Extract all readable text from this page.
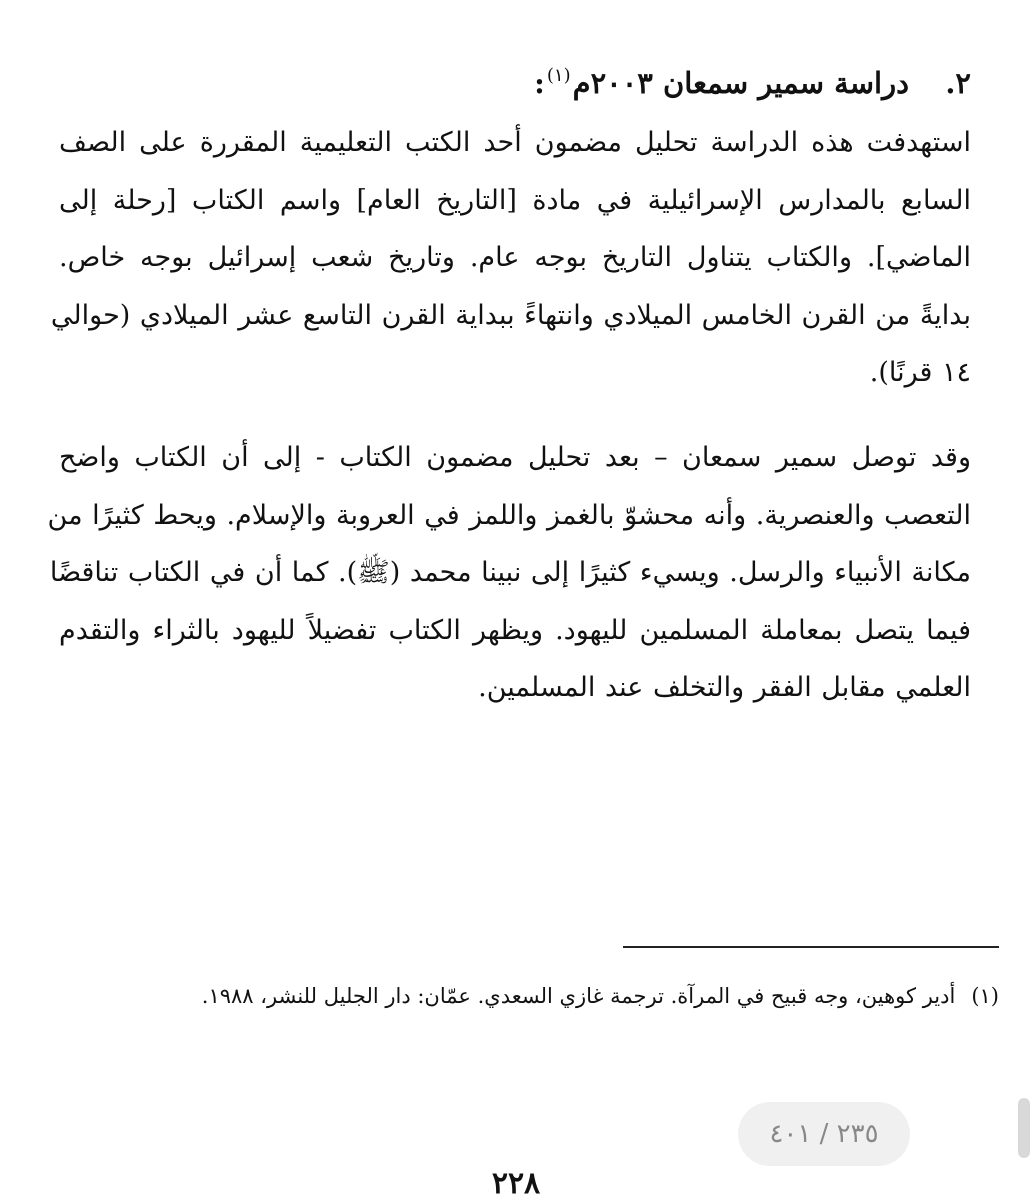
٢.دراسة سمير سمعان ٢٠٠٣م$^{(١)}$:
استهدفت هذه الدراسة تحليل مضمون أحد الكتب التعليمية المقررة على الصف
السابع بالمدارس الإسرائيلية في مادة [التاريخ العام] واسم الكتاب [رحلة إلى
الماضي]. والكتاب يتناول التاريخ بوجه عام. وتاريخ شعب إسرائيل بوجه خاص.
بدايةً من القرن الخامس الميلادي وانتهاءً ببداية القرن التاسع عشر الميلادي (حوالي
١٤ قرنًا).
وقد توصل سمير سمعان – بعد تحليل مضمون الكتاب - إلى أن الكتاب واضح
التعصب والعنصرية. وأنه محشوّ بالغمز واللمز في العروبة والإسلام. ويحط كثيرًا من
مكانة الأنبياء والرسل. ويسيء كثيرًا إلى نبينا محمد (ﷺ). كما أن في الكتاب تناقضًا
فيما يتصل بمعاملة المسلمين لليهود. ويظهر الكتاب تفضيلاً لليهود بالثراء والتقدم
العلمي مقابل الفقر والتخلف عند المسلمين.
(١)أدير كوهين، وجه قبيح في المرآة. ترجمة غازي السعدي. عمّان: دار الجليل للنشر، ١٩٨٨.
٢٣٥ / ٤٠١
٢٢٨
